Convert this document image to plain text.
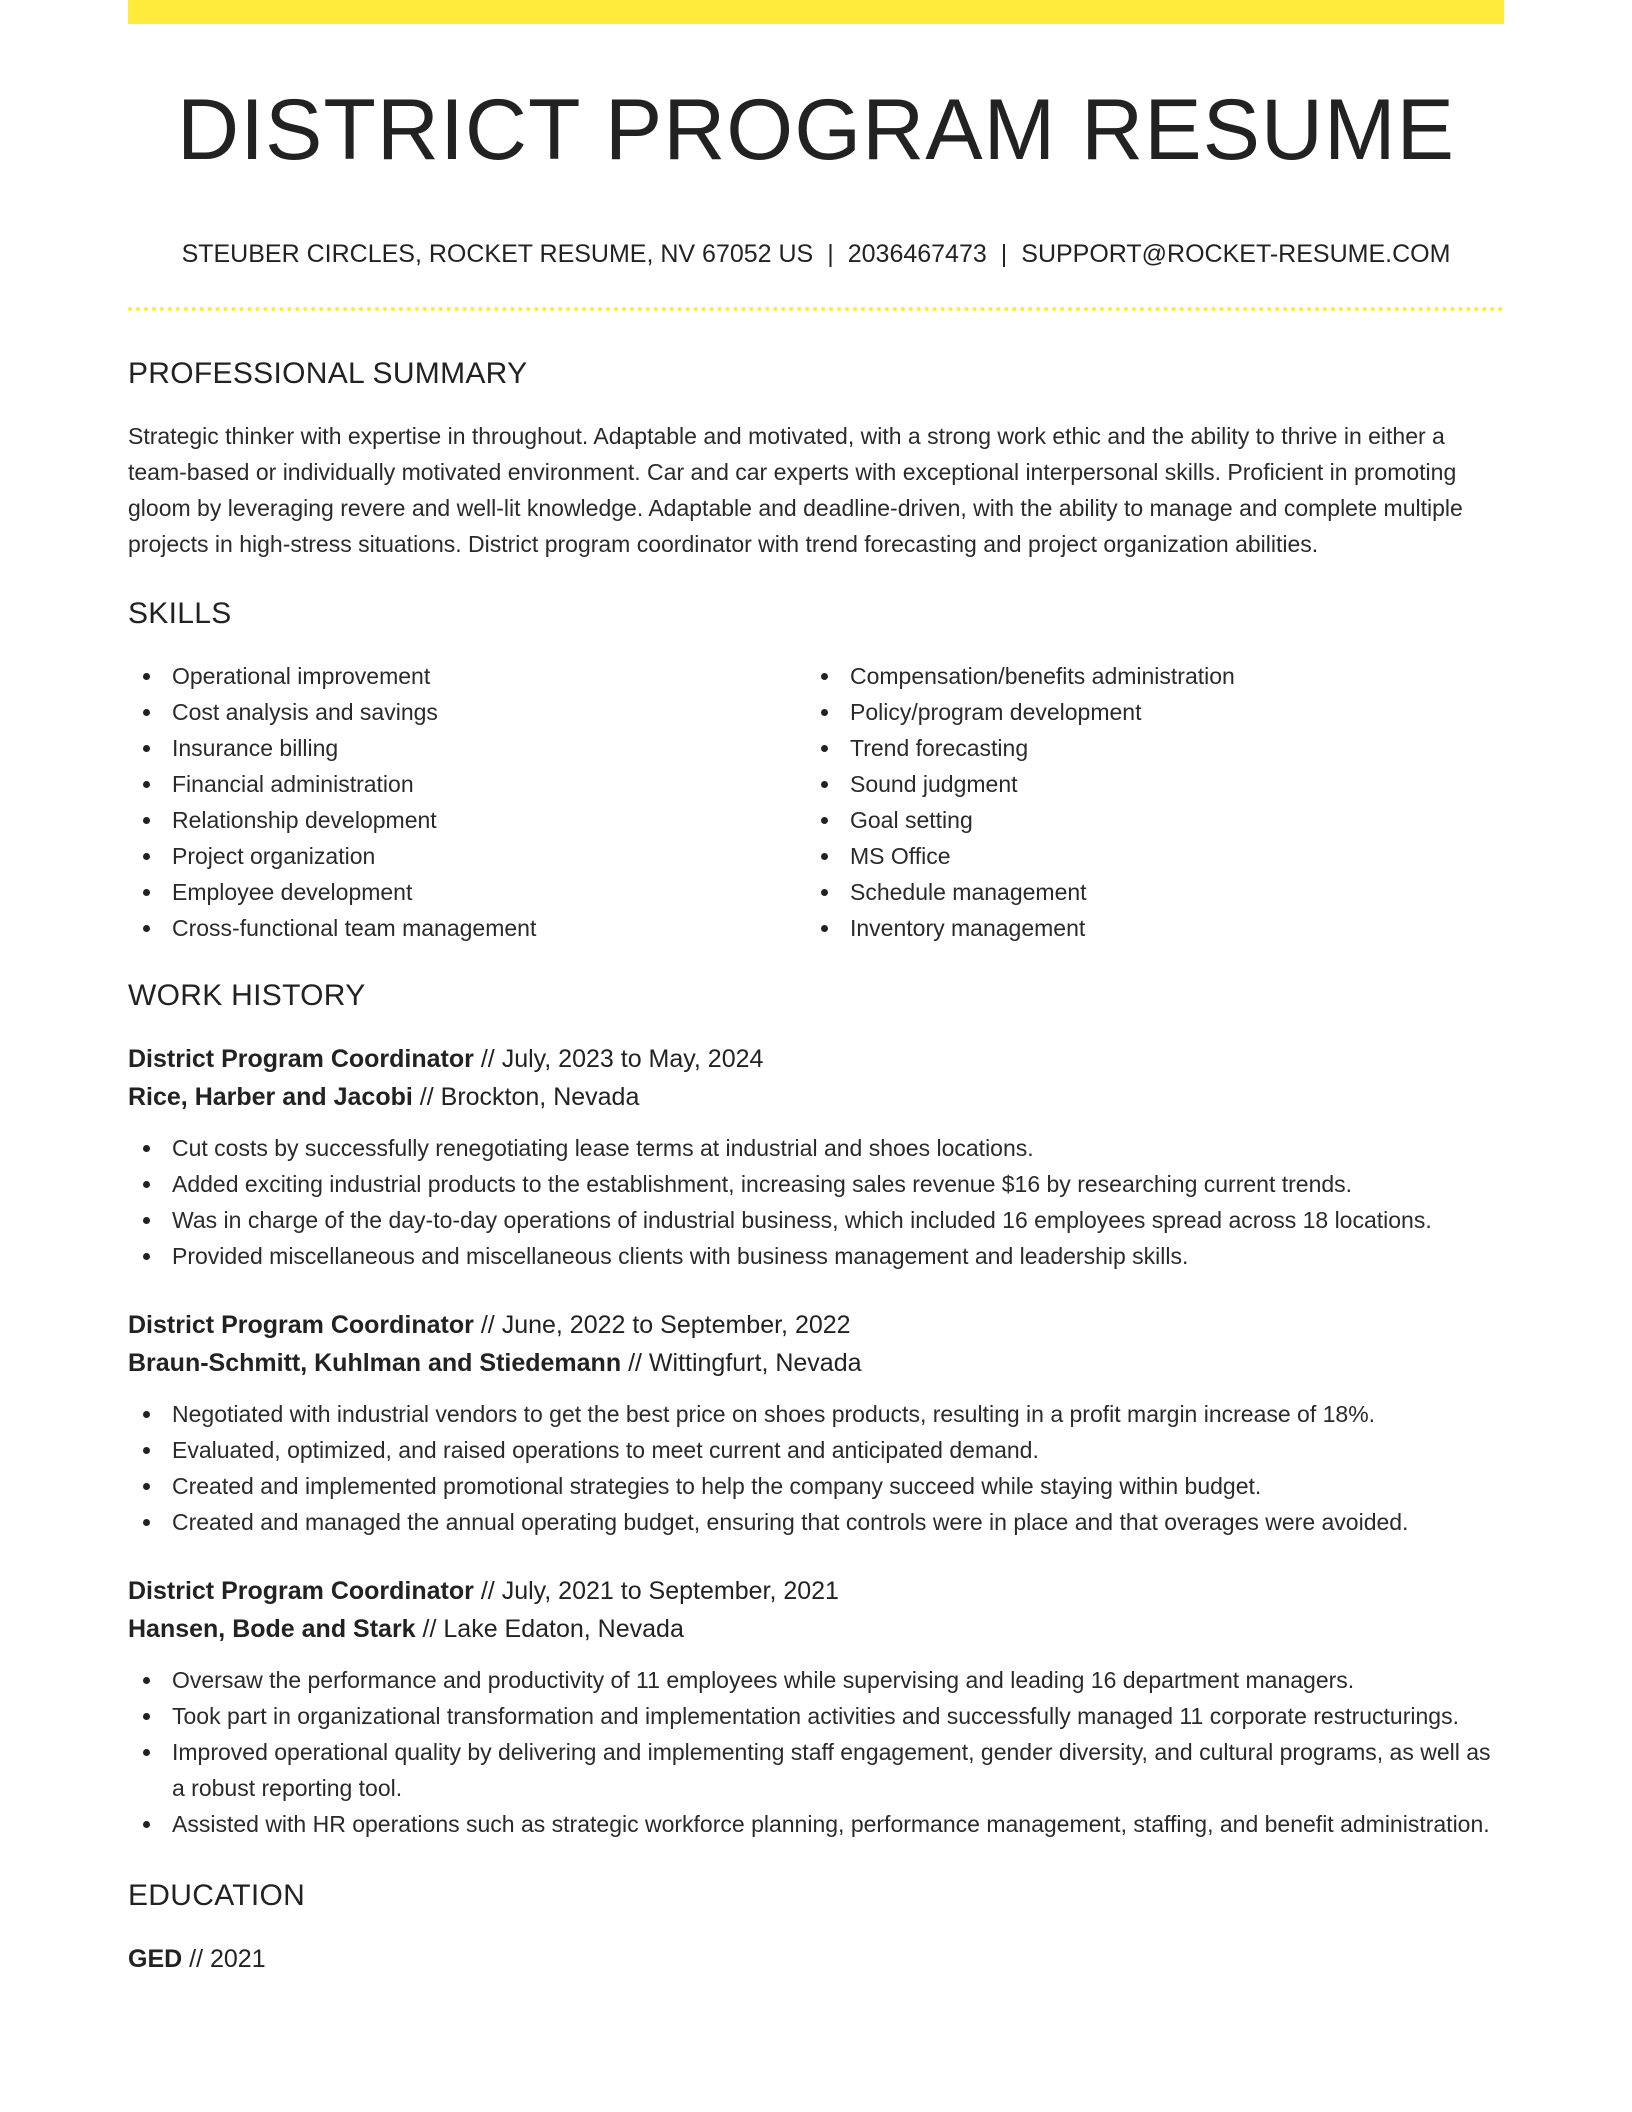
DISTRICT PROGRAM RESUME
STEUBER CIRCLES, ROCKET RESUME, NV 67052 US | 2036467473 | SUPPORT@ROCKET-RESUME.COM
PROFESSIONAL SUMMARY

Strategic thinker with expertise in throughout. Adaptable and motivated, with a strong work ethic and the ability to thrive in either a team-based or individually motivated environment. Car and car experts with exceptional interpersonal skills. Proficient in promoting gloom by leveraging revere and well-lit knowledge. Adaptable and deadline-driven, with the ability to manage and complete multiple projects in high-stress situations. District program coordinator with trend forecasting and project organization abilities.

SKILLS
Operational improvement
Cost analysis and savings
Insurance billing
Financial administration
Relationship development
Project organization
Employee development
Cross-functional team management
Compensation/benefits administration
Policy/program development
Trend forecasting
Sound judgment
Goal setting
MS Office
Schedule management
Inventory management
WORK HISTORY
District Program Coordinator // July, 2023 to May, 2024
Rice, Harber and Jacobi // Brockton, Nevada
Cut costs by successfully renegotiating lease terms at industrial and shoes locations.
Added exciting industrial products to the establishment, increasing sales revenue $16 by researching current trends.
Was in charge of the day-to-day operations of industrial business, which included 16 employees spread across 18 locations.
Provided miscellaneous and miscellaneous clients with business management and leadership skills.
District Program Coordinator // June, 2022 to September, 2022
Braun-Schmitt, Kuhlman and Stiedemann // Wittingfurt, Nevada
Negotiated with industrial vendors to get the best price on shoes products, resulting in a profit margin increase of 18%.
Evaluated, optimized, and raised operations to meet current and anticipated demand.
Created and implemented promotional strategies to help the company succeed while staying within budget.
Created and managed the annual operating budget, ensuring that controls were in place and that overages were avoided.
District Program Coordinator // July, 2021 to September, 2021
Hansen, Bode and Stark // Lake Edaton, Nevada
Oversaw the performance and productivity of 11 employees while supervising and leading 16 department managers.
Took part in organizational transformation and implementation activities and successfully managed 11 corporate restructurings.
Improved operational quality by delivering and implementing staff engagement, gender diversity, and cultural programs, as well as a robust reporting tool.
Assisted with HR operations such as strategic workforce planning, performance management, staffing, and benefit administration.
EDUCATION
GED // 2021
